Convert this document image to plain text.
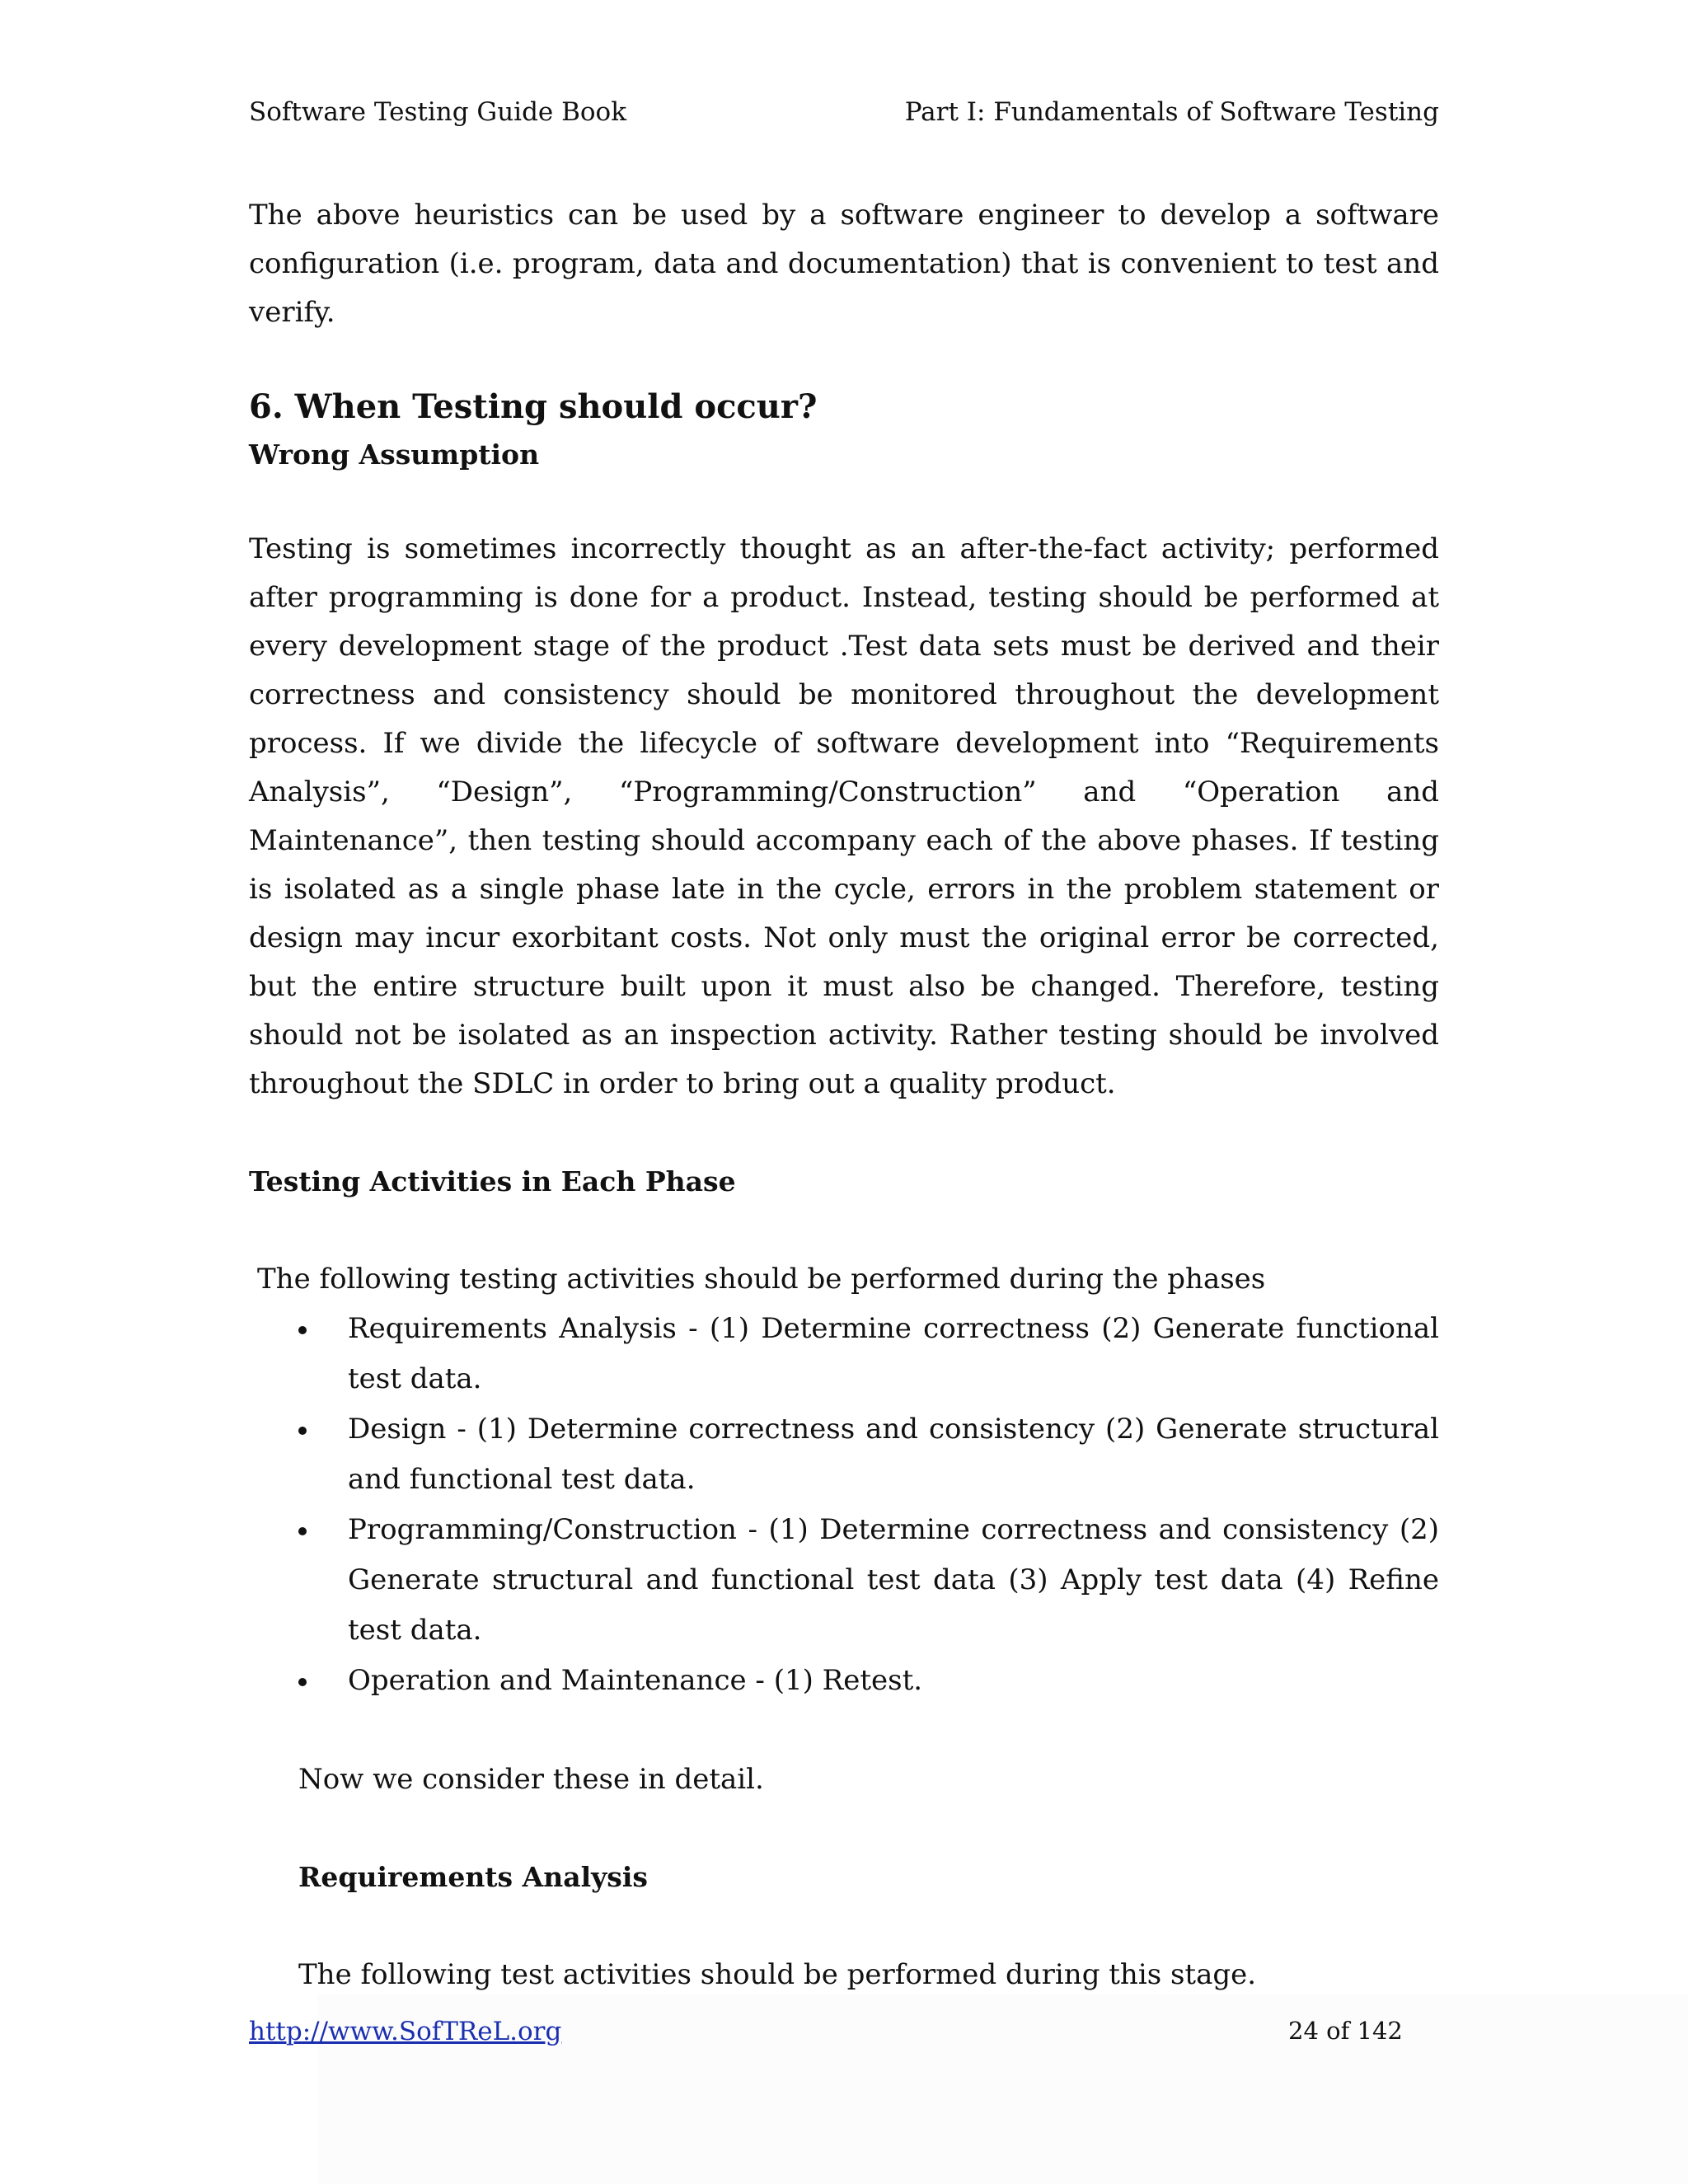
Software Testing Guide Book	Part I: Fundamentals of Software Testing

The above heuristics can be used by a software engineer to develop a software configuration (i.e. program, data and documentation) that is convenient to test and verify.

6. When Testing should occur?
Wrong Assumption

Testing is sometimes incorrectly thought as an after-the-fact activity; performed after programming is done for a product. Instead, testing should be performed at every development stage of the product .Test data sets must be derived and their correctness and consistency should be monitored throughout the development process. If we divide the lifecycle of software development into “Requirements Analysis”, “Design”, “Programming/Construction” and “Operation and Maintenance”, then testing should accompany each of the above phases. If testing is isolated as a single phase late in the cycle, errors in the problem statement or design may incur exorbitant costs. Not only must the original error be corrected, but the entire structure built upon it must also be changed. Therefore, testing should not be isolated as an inspection activity. Rather testing should be involved throughout the SDLC in order to bring out a quality product.

Testing Activities in Each Phase

The following testing activities should be performed during the phases

Requirements Analysis - (1) Determine correctness (2) Generate functional test data.
Design - (1) Determine correctness and consistency (2) Generate structural and functional test data.
Programming/Construction - (1) Determine correctness and consistency (2) Generate structural and functional test data (3) Apply test data (4) Refine test data.
Operation and Maintenance - (1) Retest.

Now we consider these in detail.

Requirements Analysis

The following test activities should be performed during this stage.

http://www.SofTReL.org	24 of 142
